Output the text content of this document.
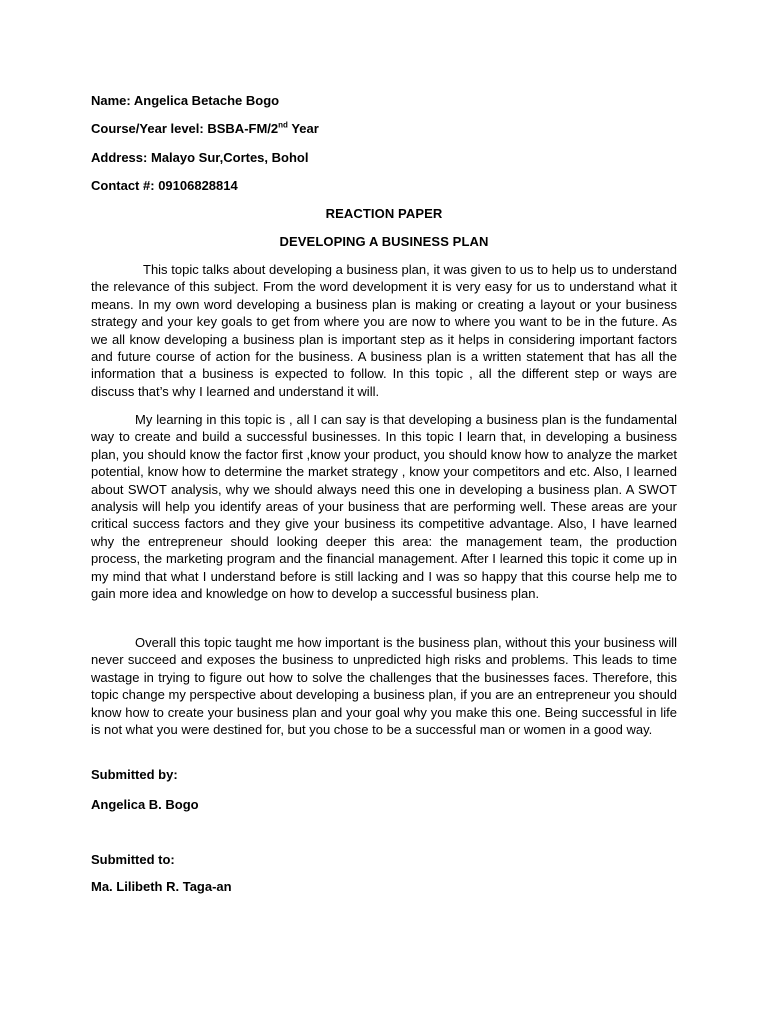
Name: Angelica Betache Bogo
Course/Year level: BSBA-FM/2nd Year
Address: Malayo Sur,Cortes, Bohol
Contact #: 09106828814
REACTION PAPER
DEVELOPING A BUSINESS PLAN

This topic talks about developing a business plan, it was given to us to help us to understand the relevance of this subject. From the word development it is very easy for us to understand what it means. In my own word developing a business plan is making or creating a layout or your business strategy and your key goals to get from where you are now to where you want to be in the future. As we all know developing a business plan is important step as it helps in considering important factors and future course of action for the business. A business plan is a written statement that has all the information that a business is expected to follow. In this topic , all the different step or ways are discuss that’s why I learned and understand it will.

My learning in this topic is , all I can say is that developing a business plan is the fundamental way to create and build a successful businesses. In this topic I learn that, in developing a business plan, you should know the factor first ,know your product, you should know how to analyze the market potential, know how to determine the market strategy , know your competitors and etc. Also, I learned about SWOT analysis, why we should always need this one in developing a business plan. A SWOT analysis will help you identify areas of your business that are performing well. These areas are your critical success factors and they give your business its competitive advantage. Also, I have learned why the entrepreneur should looking deeper this area: the management team, the production process, the marketing program and the financial management. After I learned this topic it come up in my mind that what I understand before is still lacking and I was so happy that this course help me to gain more idea and knowledge on how to develop a successful business plan.

Overall this topic taught me how important is the business plan, without this your business will never succeed and exposes the business to unpredicted high risks and problems. This leads to time wastage in trying to figure out how to solve the challenges that the businesses faces. Therefore, this topic change my perspective about developing a business plan, if you are an entrepreneur you should know how to create your business plan and your goal why you make this one. Being successful in life is not what you were destined for, but you chose to be a successful man or women in a good way.

Submitted by:
Angelica B. Bogo
Submitted to:
Ma. Lilibeth R. Taga-an
